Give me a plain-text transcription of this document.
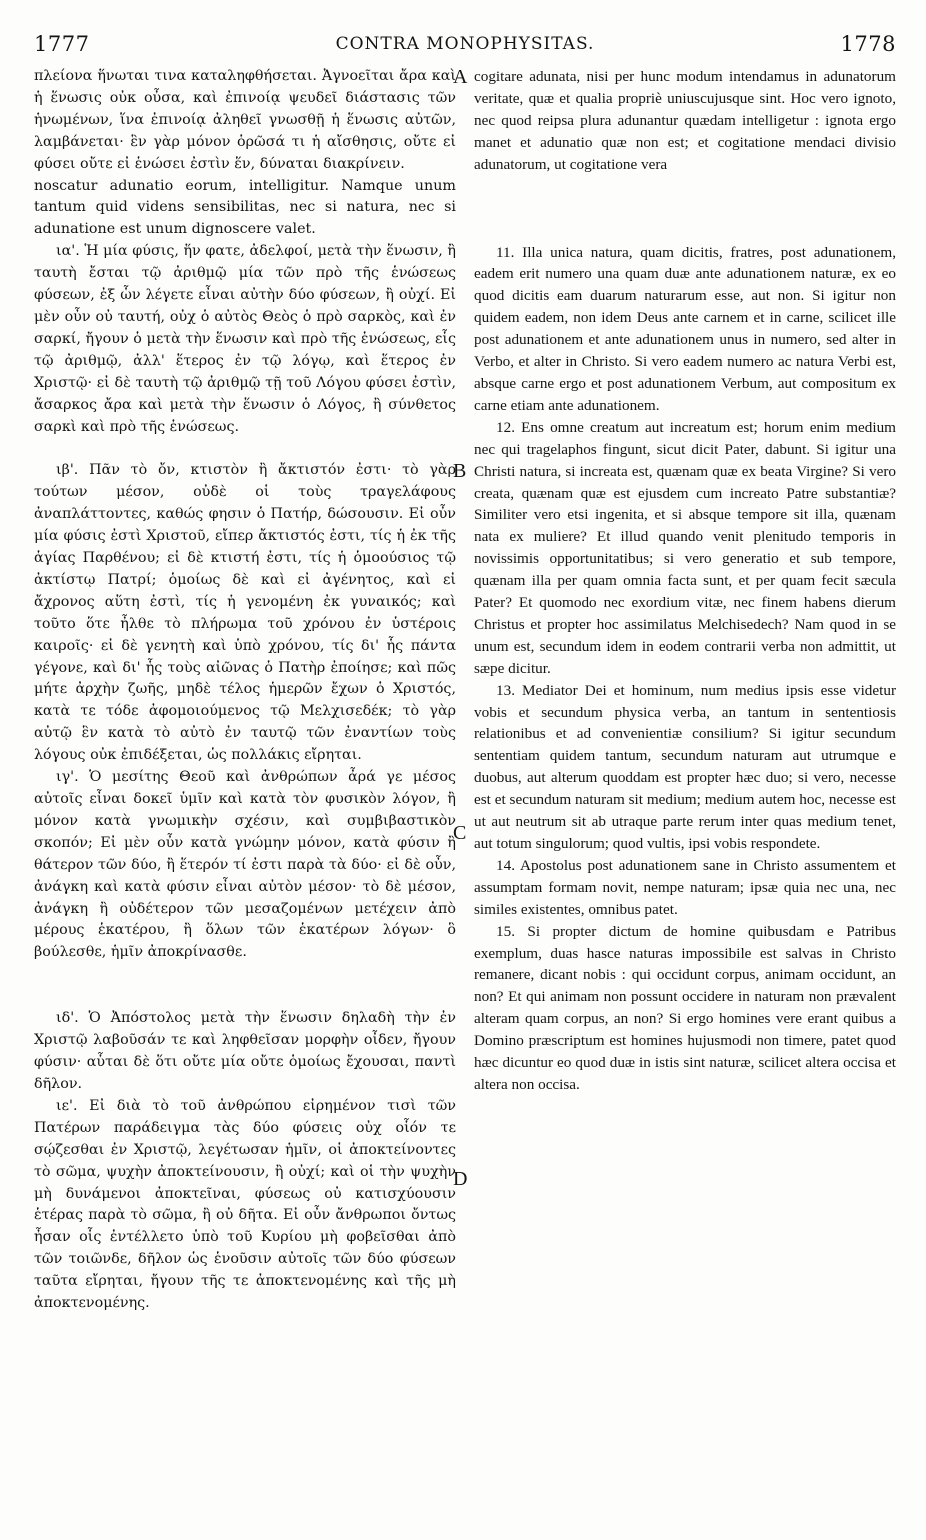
1777	CONTRA MONOPHYSITAS.	1778

πλείονα ἥνωται τινα καταληφθήσεται. Ἀγνοεῖται ἄρα καὶ ἡ ἕνωσις οὐκ οὖσα, καὶ ἐπινοίᾳ ψευδεῖ διάστασις τῶν ἡνωμένων, ἵνα ἐπινοίᾳ ἀληθεῖ γνωσθῇ ἡ ἕνωσις αὐτῶν, λαμβάνεται· ἓν γὰρ μόνον ὁρῶσά τι ἡ αἴσθησις, οὔτε εἰ φύσει οὔτε εἰ ἑνώσει ἐστὶν ἕν, δύναται διακρίνειν.

noscatur adunatio eorum, intelligitur. Namque unum tantum quid videns sensibilitas, nec si natura, nec si adunatione est unum dignoscere valet.

ια'. Ἡ μία φύσις, ἥν φατε, ἀδελφοί, μετὰ τὴν ἕνωσιν, ἢ ταυτὴ ἔσται τῷ ἀριθμῷ μία τῶν πρὸ τῆς ἑνώσεως φύσεων, ἐξ ὧν λέγετε εἶναι αὐτὴν δύο φύσεων, ἢ οὐχί. Εἰ μὲν οὖν οὐ ταυτή, οὐχ ὁ αὐτὸς Θεὸς ὁ πρὸ σαρκὸς, καὶ ἐν σαρκί, ἤγουν ὁ μετὰ τὴν ἕνωσιν καὶ πρὸ τῆς ἑνώσεως, εἷς τῷ ἀριθμῷ, ἀλλ' ἕτερος ἐν τῷ λόγῳ, καὶ ἕτερος ἐν Χριστῷ· εἰ δὲ ταυτὴ τῷ ἀριθμῷ τῇ τοῦ Λόγου φύσει ἐστὶν, ἄσαρκος ἄρα καὶ μετὰ τὴν ἕνωσιν ὁ Λόγος, ἢ σύνθετος σαρκὶ καὶ πρὸ τῆς ἑνώσεως.

ιβ'. Πᾶν τὸ ὄν, κτιστὸν ἢ ἄκτιστόν ἐστι· τὸ γὰρ τούτων μέσον, οὐδὲ οἱ τοὺς τραγελάφους ἀναπλάττοντες, καθώς φησιν ὁ Πατήρ, δώσουσιν. Εἰ οὖν μία φύσις ἐστὶ Χριστοῦ, εἴπερ ἄκτιστός ἐστι, τίς ἡ ἐκ τῆς ἁγίας Παρθένου; εἰ δὲ κτιστή ἐστι, τίς ἡ ὁμοούσιος τῷ ἀκτίστῳ Πατρί; ὁμοίως δὲ καὶ εἰ ἀγένητος, καὶ εἰ ἄχρονος αὕτη ἐστὶ, τίς ἡ γενομένη ἐκ γυναικός; καὶ τοῦτο ὅτε ἦλθε τὸ πλήρωμα τοῦ χρόνου ἐν ὑστέροις καιροῖς· εἰ δὲ γενητὴ καὶ ὑπὸ χρόνου, τίς δι' ἧς πάντα γέγονε, καὶ δι' ἧς τοὺς αἰῶνας ὁ Πατὴρ ἐποίησε; καὶ πῶς μήτε ἀρχὴν ζωῆς, μηδὲ τέλος ἡμερῶν ἔχων ὁ Χριστός, κατὰ τε τόδε ἀφομοιούμενος τῷ Μελχισεδέκ; τὸ γὰρ αὐτῷ ἓν κατὰ τὸ αὐτὸ ἐν ταυτῷ τῶν ἐναντίων τοὺς λόγους οὐκ ἐπιδέξεται, ὡς πολλάκις εἴρηται.

ιγ'. Ὁ μεσίτης Θεοῦ καὶ ἀνθρώπων ἆρά γε μέσος αὐτοῖς εἶναι δοκεῖ ὑμῖν καὶ κατὰ τὸν φυσικὸν λόγον, ἢ μόνον κατὰ γνωμικὴν σχέσιν, καὶ συμβιβαστικὸν σκοπόν; Εἰ μὲν οὖν κατὰ γνώμην μόνον, κατὰ φύσιν ἢ θάτερον τῶν δύο, ἢ ἕτερόν τί ἐστι παρὰ τὰ δύο· εἰ δὲ οὖν, ἀνάγκη καὶ κατὰ φύσιν εἶναι αὐτὸν μέσον· τὸ δὲ μέσον, ἀνάγκη ἢ οὐδέτερον τῶν μεσαζομένων μετέχειν ἀπὸ μέρους ἑκατέρου, ἢ ὅλων τῶν ἑκατέρων λόγων· ὃ βούλεσθε, ἡμῖν ἀποκρίνασθε.

ιδ'. Ὁ Ἀπόστολος μετὰ τὴν ἕνωσιν δηλαδὴ τὴν ἐν Χριστῷ λαβοῦσάν τε καὶ ληφθεῖσαν μορφὴν οἶδεν, ἤγουν φύσιν· αὗται δὲ ὅτι οὔτε μία οὔτε ὁμοίως ἔχουσαι, παντὶ δῆλον.

ιε'. Εἰ διὰ τὸ τοῦ ἀνθρώπου εἰρημένον τισὶ τῶν Πατέρων παράδειγμα τὰς δύο φύσεις οὐχ οἷόν τε σῴζεσθαι ἐν Χριστῷ, λεγέτωσαν ἡμῖν, οἱ ἀποκτείνοντες τὸ σῶμα, ψυχὴν ἀποκτείνουσιν, ἢ οὐχί; καὶ οἱ τὴν ψυχὴν μὴ δυνάμενοι ἀποκτεῖναι, φύσεως οὐ κατισχύουσιν ἑτέρας παρὰ τὸ σῶμα, ἢ οὐ δῆτα. Εἰ οὖν ἄνθρωποι ὄντως ἦσαν οἷς ἐντέλλετο ὑπὸ τοῦ Κυρίου μὴ φοβεῖσθαι ἀπὸ τῶν τοιῶνδε, δῆλον ὡς ἑνοῦσιν αὐτοῖς τῶν δύο φύσεων ταῦτα εἴρηται, ἤγουν τῆς τε ἀποκτενομένης καὶ τῆς μὴ ἀποκτενομένης.

cogitare adunata, nisi per hunc modum intendamus in adunatorum veritate, quæ et qualia propriè uniuscujusque sint. Hoc vero ignoto, nec quod reipsa plura adunantur quædam intelligetur : ignota ergo manet et adunatio quæ non est; et cogitatione mendaci divisio adunatorum, ut cogitatione vera

11. Illa unica natura, quam dicitis, fratres, post adunationem, eadem erit numero una quam duæ ante adunationem naturæ, ex eo quod dicitis eam duarum naturarum esse, aut non. Si igitur non quidem eadem, non idem Deus ante carnem et in carne, scilicet ille post adunationem et ante adunationem unus in numero, sed alter in Verbo, et alter in Christo. Si vero eadem numero ac natura Verbi est, absque carne ergo et post adunationem Verbum, aut compositum ex carne etiam ante adunationem.

12. Ens omne creatum aut increatum est; horum enim medium nec qui tragelaphos fingunt, sicut dicit Pater, dabunt. Si igitur una Christi natura, si increata est, quænam quæ ex beata Virgine? Si vero creata, quænam quæ est ejusdem cum increato Patre substantiæ? Similiter vero etsi ingenita, et si absque tempore sit illa, quænam nata ex muliere? Et illud quando venit plenitudo temporis in novissimis opportunitatibus; si vero generatio et sub tempore, quænam illa per quam omnia facta sunt, et per quam fecit sæcula Pater? Et quomodo nec exordium vitæ, nec finem habens dierum Christus et propter hoc assimilatus Melchisedech? Nam quod in se unum est, secundum idem in eodem contrarii verba non admittit, ut sæpe dicitur.

13. Mediator Dei et hominum, num medius ipsis esse videtur vobis et secundum physica verba, an tantum in sententiosis relationibus et ad convenientiæ consilium? Si igitur secundum sententiam quidem tantum, secundum naturam aut utrumque e duobus, aut alterum quoddam est propter hæc duo; si vero, necesse est et secundum naturam sit medium; medium autem hoc, necesse est ut aut neutrum sit ab utraque parte rerum inter quas medium tenet, aut totum singulorum; quod vultis, ipsi vobis respondete.

14. Apostolus post adunationem sane in Christo assumentem et assumptam formam novit, nempe naturam; ipsæ quia nec una, nec similes existentes, omnibus patet.

15. Si propter dictum de homine quibusdam e Patribus exemplum, duas hasce naturas impossibile est salvas in Christo remanere, dicant nobis : qui occidunt corpus, animam occidunt, an non? Et qui animam non possunt occidere in naturam non prævalent alteram quam corpus, an non? Si ergo homines vere erant quibus a Domino præscriptum est homines hujusmodi non timere, patet quod hæc dicuntur eo quod duæ in istis sint naturæ, scilicet altera occisa et altera non occisa.

A
B
C
D
